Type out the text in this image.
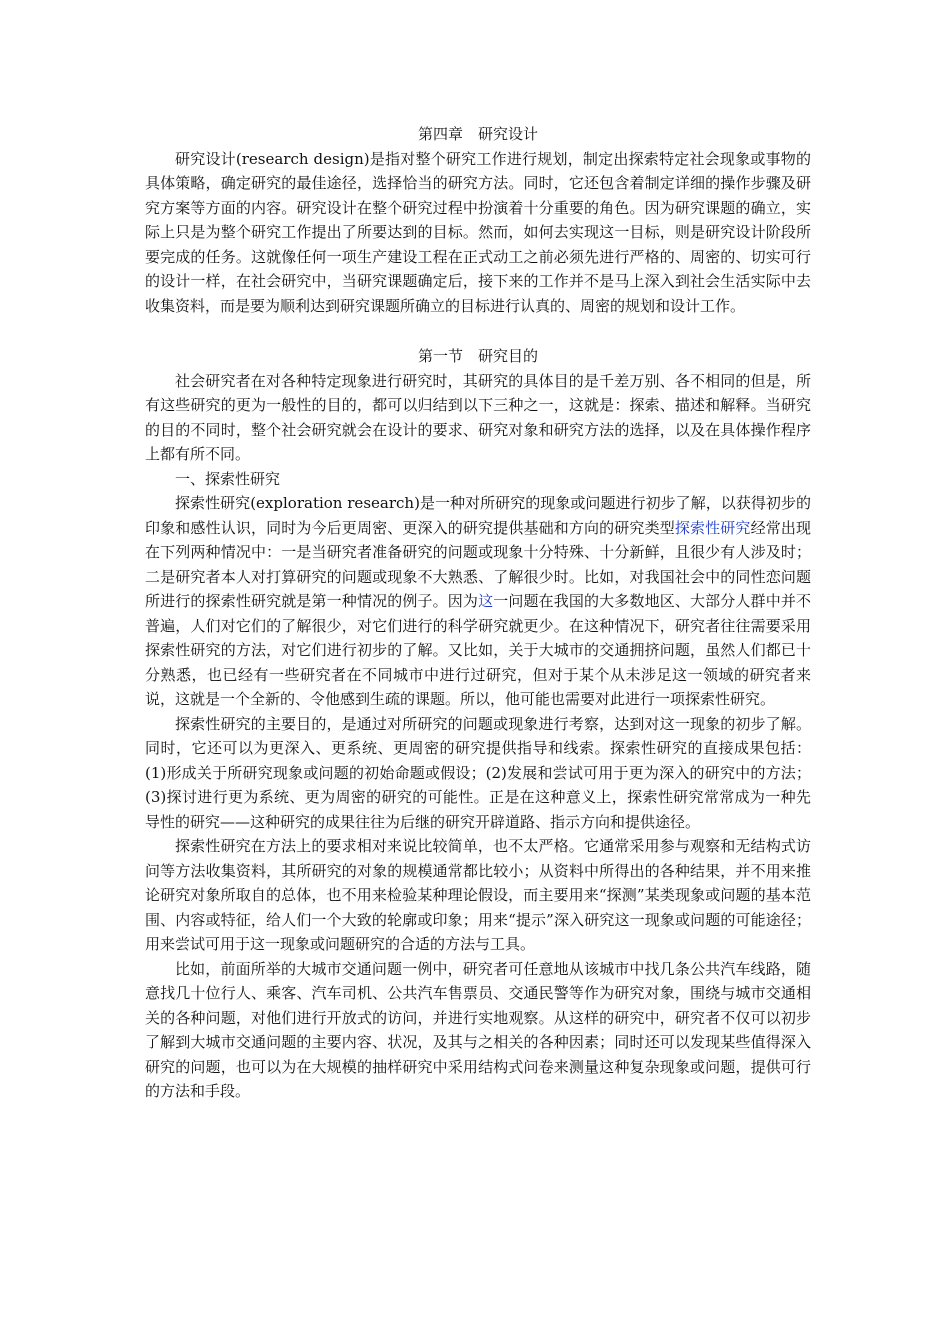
第四章　研究设计

研究设计(research design)是指对整个研究工作进行规划，制定出探索特定社会现象或事物的具体策略，确定研究的最佳途径，选择恰当的研究方法。同时，它还包含着制定详细的操作步骤及研究方案等方面的内容。研究设计在整个研究过程中扮演着十分重要的角色。因为研究课题的确立，实际上只是为整个研究工作提出了所要达到的目标。然而，如何去实现这一目标，则是研究设计阶段所要完成的任务。这就像任何一项生产建设工程在正式动工之前必须先进行严格的、周密的、切实可行的设计一样，在社会研究中，当研究课题确定后，接下来的工作并不是马上深入到社会生活实际中去收集资料，而是要为顺利达到研究课题所确立的目标进行认真的、周密的规划和设计工作。

第一节　研究目的

社会研究者在对各种特定现象进行研究时，其研究的具体目的是千差万别、各不相同的但是，所有这些研究的更为一般性的目的，都可以归结到以下三种之一，这就是：探索、描述和解释。当研究的目的不同时，整个社会研究就会在设计的要求、研究对象和研究方法的选择，以及在具体操作程序上都有所不同。

一、探索性研究

探索性研究(exploration research)是一种对所研究的现象或问题进行初步了解，以获得初步的印象和感性认识，同时为今后更周密、更深入的研究提供基础和方向的研究类型探索性研究经常出现在下列两种情况中：一是当研究者准备研究的问题或现象十分特殊、十分新鲜，且很少有人涉及时；二是研究者本人对打算研究的问题或现象不大熟悉、了解很少时。比如，对我国社会中的同性恋问题所进行的探索性研究就是第一种情况的例子。因为这一问题在我国的大多数地区、大部分人群中并不普遍，人们对它们的了解很少，对它们进行的科学研究就更少。在这种情况下，研究者往往需要采用探索性研究的方法，对它们进行初步的了解。又比如，关于大城市的交通拥挤问题，虽然人们都已十分熟悉，也已经有一些研究者在不同城市中进行过研究，但对于某个从未涉足这一领域的研究者来说，这就是一个全新的、令他感到生疏的课题。所以，他可能也需要对此进行一项探索性研究。

探索性研究的主要目的，是通过对所研究的问题或现象进行考察，达到对这一现象的初步了解。同时，它还可以为更深入、更系统、更周密的研究提供指导和线索。探索性研究的直接成果包括：(1)形成关于所研究现象或问题的初始命题或假设；(2)发展和尝试可用于更为深入的研究中的方法；(3)探讨进行更为系统、更为周密的研究的可能性。正是在这种意义上，探索性研究常常成为一种先导性的研究——这种研究的成果往往为后继的研究开辟道路、指示方向和提供途径。

探索性研究在方法上的要求相对来说比较简单，也不太严格。它通常采用参与观察和无结构式访问等方法收集资料，其所研究的对象的规模通常都比较小；从资料中所得出的各种结果，并不用来推论研究对象所取自的总体，也不用来检验某种理论假设，而主要用来“探测”某类现象或问题的基本范围、内容或特征，给人们一个大致的轮廓或印象；用来“提示”深入研究这一现象或问题的可能途径；用来尝试可用于这一现象或问题研究的合适的方法与工具。

比如，前面所举的大城市交通问题一例中，研究者可任意地从该城市中找几条公共汽车线路，随意找几十位行人、乘客、汽车司机、公共汽车售票员、交通民警等作为研究对象，围绕与城市交通相关的各种问题，对他们进行开放式的访问，并进行实地观察。从这样的研究中，研究者不仅可以初步了解到大城市交通问题的主要内容、状况，及其与之相关的各种因素；同时还可以发现某些值得深入研究的问题，也可以为在大规模的抽样研究中采用结构式问卷来测量这种复杂现象或问题，提供可行的方法和手段。
